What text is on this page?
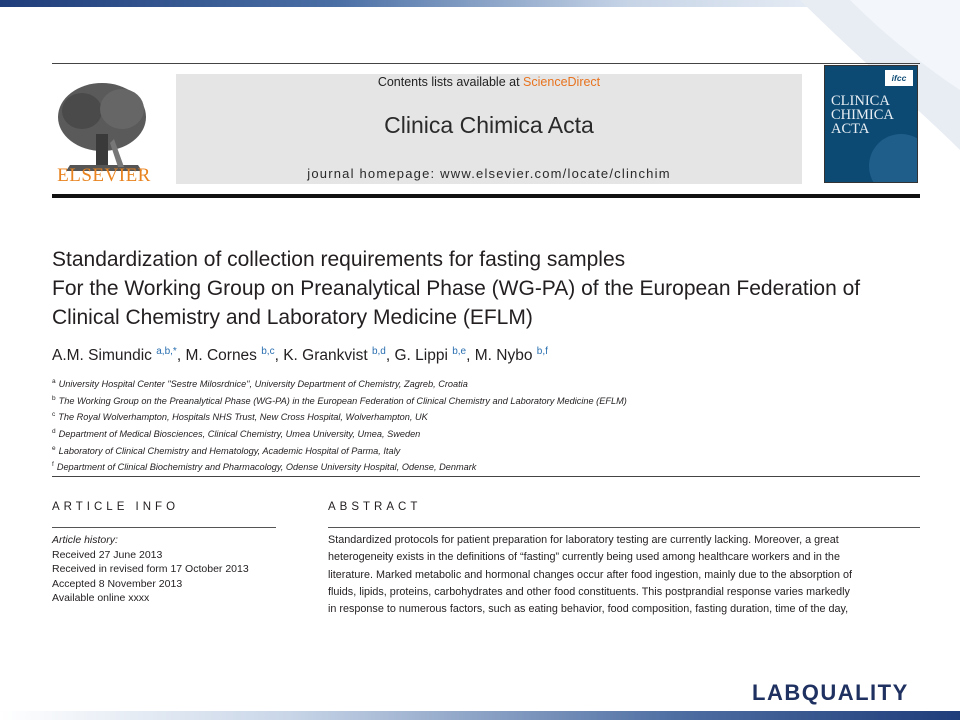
ELSEVIER
Contents lists available at ScienceDirect
Clinica Chimica Acta
journal homepage: www.elsevier.com/locate/clinchim
ifcc
CLINICA
CHIMICA
ACTA
Standardization of collection requirements for fasting samples
For the Working Group on Preanalytical Phase (WG-PA) of the European Federation of
Clinical Chemistry and Laboratory Medicine (EFLM)
A.M. Simundic $^{a,b,*}$, M. Cornes $^{b,c}$, K. Grankvist $^{b,d}$, G. Lippi $^{b,e}$, M. Nybo $^{b,f}$
$^a$ University Hospital Center "Sestre Milosrdnice", University Department of Chemistry, Zagreb, Croatia
$^b$ The Working Group on the Preanalytical Phase (WG-PA) in the European Federation of Clinical Chemistry and Laboratory Medicine (EFLM)
$^c$ The Royal Wolverhampton, Hospitals NHS Trust, New Cross Hospital, Wolverhampton, UK
$^d$ Department of Medical Biosciences, Clinical Chemistry, Umea University, Umea, Sweden
$^e$ Laboratory of Clinical Chemistry and Hematology, Academic Hospital of Parma, Italy
$^f$ Department of Clinical Biochemistry and Pharmacology, Odense University Hospital, Odense, Denmark
ARTICLE INFO
Article history:
Received 27 June 2013
Received in revised form 17 October 2013
Accepted 8 November 2013
Available online xxxx
ABSTRACT
Standardized protocols for patient preparation for laboratory testing are currently lacking. Moreover, a great
heterogeneity exists in the definitions of “fasting” currently being used among healthcare workers and in the
literature. Marked metabolic and hormonal changes occur after food ingestion, mainly due to the absorption of
fluids, lipids, proteins, carbohydrates and other food constituents. This postprandial response varies markedly
in response to numerous factors, such as eating behavior, food composition, fasting duration, time of the day,
LABQUALITY
